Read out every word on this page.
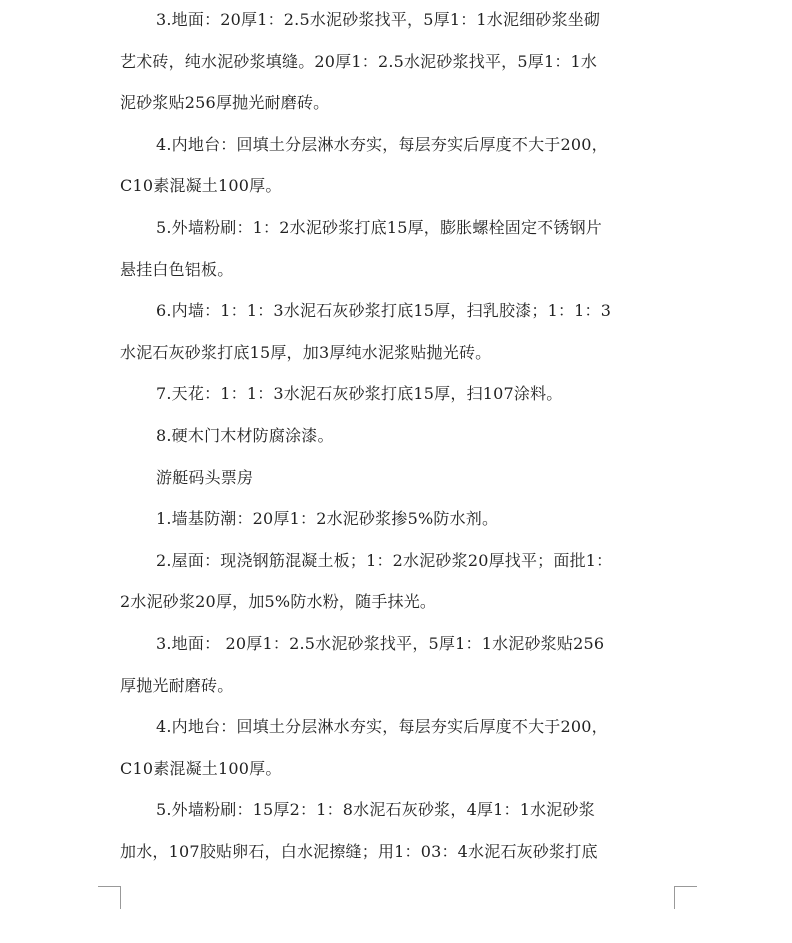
3.地面：20厚1：2.5水泥砂浆找平，5厚1：1水泥细砂浆坐砌
艺术砖，纯水泥砂浆填缝。20厚1：2.5水泥砂浆找平，5厚1：1水
泥砂浆贴256厚抛光耐磨砖。
4.内地台：回填土分层淋水夯实，每层夯实后厚度不大于200，
C10素混凝土100厚。
5.外墙粉刷：1：2水泥砂浆打底15厚，膨胀螺栓固定不锈钢片
悬挂白色铝板。
6.内墙：1：1：3水泥石灰砂浆打底15厚，扫乳胶漆；1：1：3
水泥石灰砂浆打底15厚，加3厚纯水泥浆贴抛光砖。
7.天花：1：1：3水泥石灰砂浆打底15厚，扫107涂料。
8.硬木门木材防腐涂漆。
游艇码头票房
1.墙基防潮：20厚1：2水泥砂浆掺5%防水剂。
2.屋面：现浇钢筋混凝土板；1：2水泥砂浆20厚找平；面批1：
2水泥砂浆20厚，加5%防水粉，随手抹光。
3.地面： 20厚1：2.5水泥砂浆找平，5厚1：1水泥砂浆贴256
厚抛光耐磨砖。
4.内地台：回填土分层淋水夯实，每层夯实后厚度不大于200，
C10素混凝土100厚。
5.外墙粉刷：15厚2：1：8水泥石灰砂浆，4厚1：1水泥砂浆
加水，107胶贴卵石，白水泥擦缝；用1：03：4水泥石灰砂浆打底
